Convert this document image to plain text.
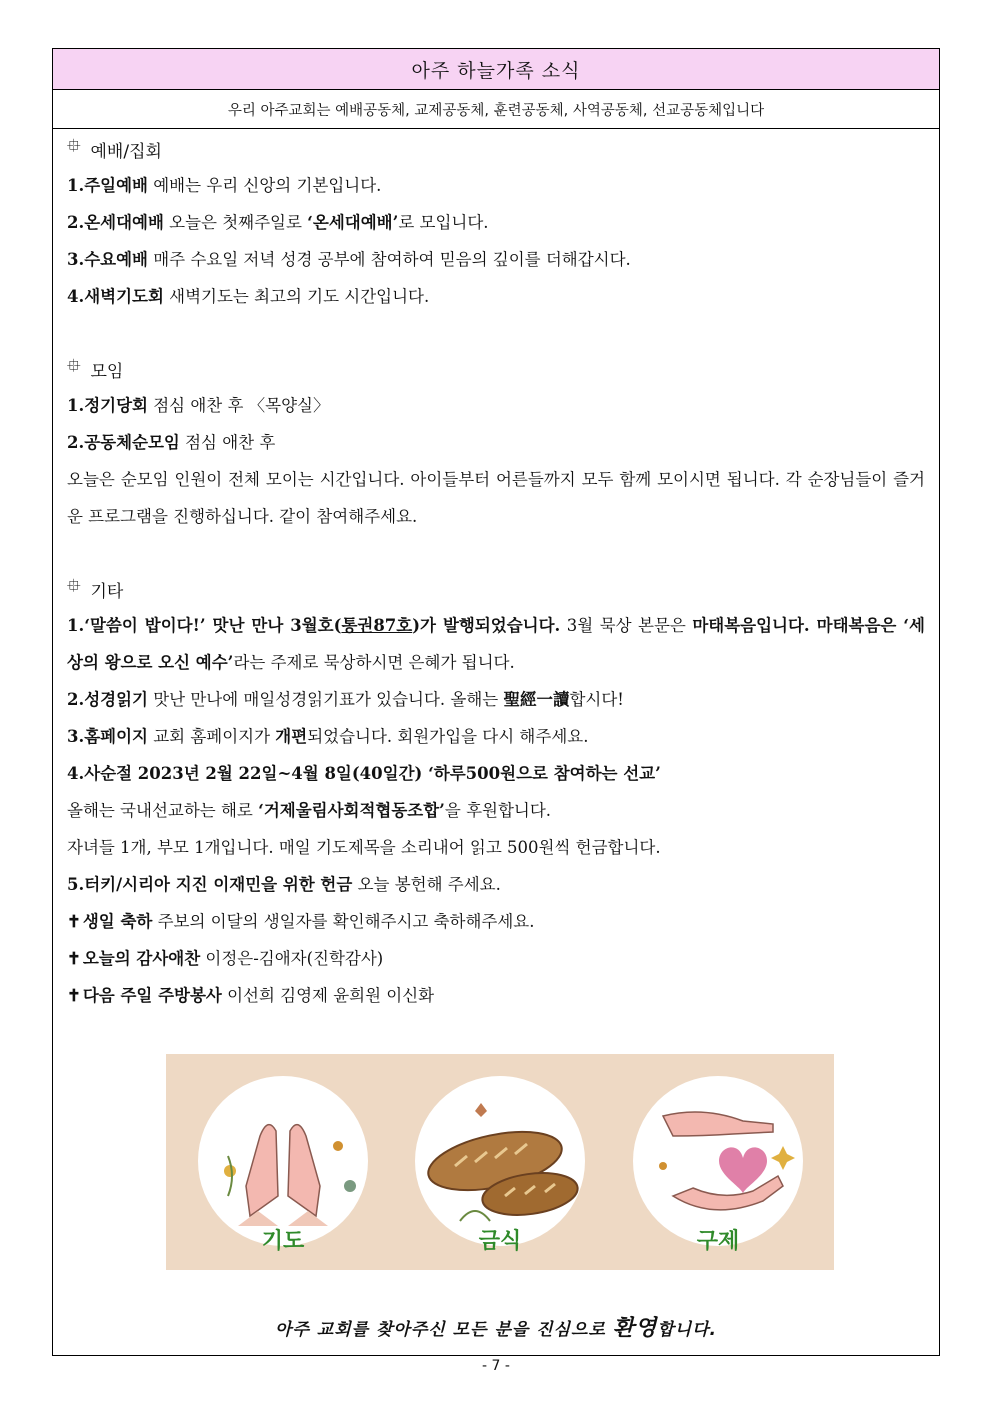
아주 하늘가족 소식
우리 아주교회는 예배공동체, 교제공동체, 훈련공동체, 사역공동체, 선교공동체입니다
⯐ 예배/집회
1.주일예배 예배는 우리 신앙의 기본입니다.
2.온세대예배 오늘은 첫째주일로 ‘온세대예배’로 모입니다.
3.수요예배 매주 수요일 저녁 성경 공부에 참여하여 믿음의 깊이를 더해갑시다.
4.새벽기도회 새벽기도는 최고의 기도 시간입니다.
⯐ 모임
1.정기당회 점심 애찬 후 〈목양실〉
2.공동체순모임 점심 애찬 후
오늘은 순모임 인원이 전체 모이는 시간입니다. 아이들부터 어른들까지 모두 함께 모이시면 됩니다. 각 순장님들이 즐거운 프로그램을 진행하십니다. 같이 참여해주세요.
⯐ 기타
1.‘말씀이 밥이다!’ 맛난 만나 3월호(통권87호)가 발행되었습니다. 3월 묵상 본문은 마태복음입니다. 마태복음은 ‘세상의 왕으로 오신 예수’라는 주제로 묵상하시면 은혜가 됩니다.
2.성경읽기 맛난 만나에 매일성경읽기표가 있습니다. 올해는 聖經一讀합시다!
3.홈페이지 교회 홈페이지가 개편되었습니다. 회원가입을 다시 해주세요.
4.사순절 2023년 2월 22일~4월 8일(40일간) ‘하루500원으로 참여하는 선교’
올해는 국내선교하는 해로 ‘거제울림사회적협동조합’을 후원합니다.
자녀들 1개, 부모 1개입니다. 매일 기도제목을 소리내어 읽고 500원씩 헌금합니다.
5.터키/시리아 지진 이재민을 위한 헌금 오늘 봉헌해 주세요.
✝ 생일 축하 주보의 이달의 생일자를 확인해주시고 축하해주세요.
✝ 오늘의 감사애찬 이정은-김애자(진학감사)
✝ 다음 주일 주방봉사 이선희 김영제 윤희원 이신화
기도	금식	구제
아주 교회를 찾아주신 모든 분을 진심으로 환영합니다.
- 7 -
